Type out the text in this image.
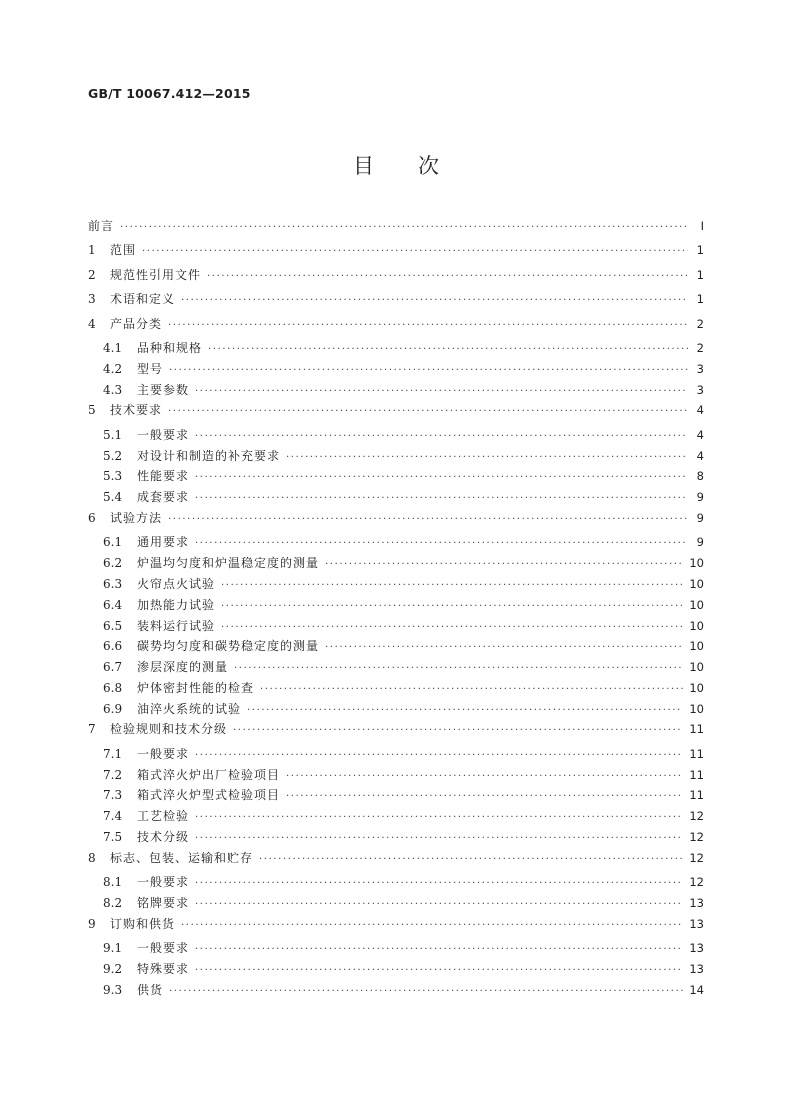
GB/T 10067.412—2015
目 次
前言 ·····	I
1	范围 ·····	1
2	规范性引用文件 ·····	1
3	术语和定义 ·····	1
4	产品分类 ·····	2
4.1	品种和规格 ·····	2
4.2	型号 ·····	3
4.3	主要参数 ·····	3
5	技术要求 ·····	4
5.1	一般要求 ·····	4
5.2	对设计和制造的补充要求 ·····	4
5.3	性能要求 ·····	8
5.4	成套要求 ·····	9
6	试验方法 ·····	9
6.1	通用要求 ·····	9
6.2	炉温均匀度和炉温稳定度的测量 ·····	10
6.3	火帘点火试验 ·····	10
6.4	加热能力试验 ·····	10
6.5	装料运行试验 ·····	10
6.6	碳势均匀度和碳势稳定度的测量 ·····	10
6.7	渗层深度的测量 ·····	10
6.8	炉体密封性能的检查 ·····	10
6.9	油淬火系统的试验 ·····	10
7	检验规则和技术分级 ·····	11
7.1	一般要求 ·····	11
7.2	箱式淬火炉出厂检验项目 ·····	11
7.3	箱式淬火炉型式检验项目 ·····	11
7.4	工艺检验 ·····	12
7.5	技术分级 ·····	12
8	标志、包装、运输和贮存 ·····	12
8.1	一般要求 ·····	12
8.2	铭牌要求 ·····	13
9	订购和供货 ·····	13
9.1	一般要求 ·····	13
9.2	特殊要求 ·····	13
9.3	供货 ·····	14
